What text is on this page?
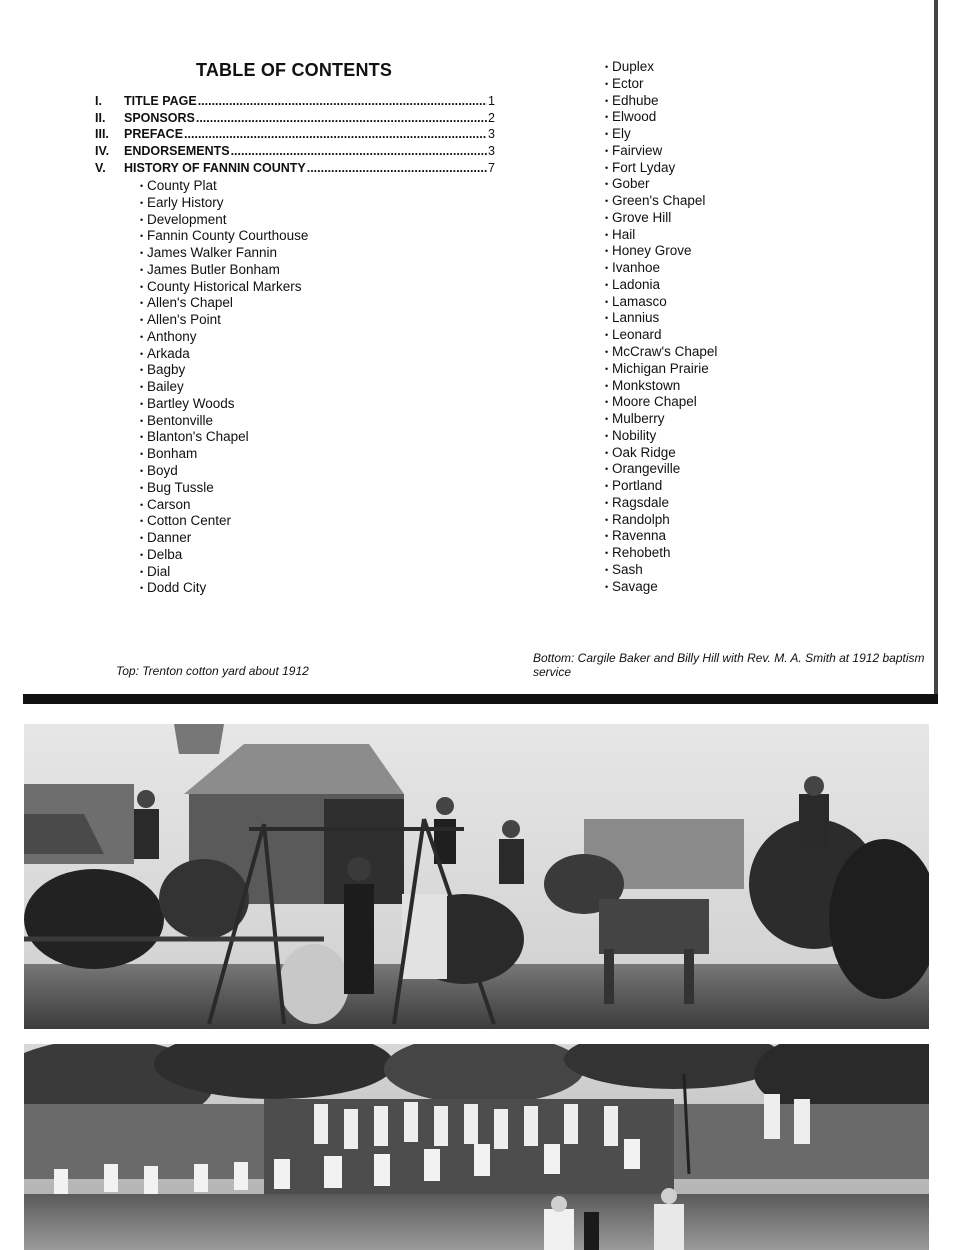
TABLE OF CONTENTS
I.	TITLE PAGE .....	1
II.	SPONSORS .....	2
III.	PREFACE .....	3
IV.	ENDORSEMENTS .....	3
V.	HISTORY OF FANNIN COUNTY .....	7
• County Plat
• Early History
• Development
• Fannin County Courthouse
• James Walker Fannin
• James Butler Bonham
• County Historical Markers
• Allen's Chapel
• Allen's Point
• Anthony
• Arkada
• Bagby
• Bailey
• Bartley Woods
• Bentonville
• Blanton's Chapel
• Bonham
• Boyd
• Bug Tussle
• Carson
• Cotton Center
• Danner
• Delba
• Dial
• Dodd City
• Duplex
• Ector
• Edhube
• Elwood
• Ely
• Fairview
• Fort Lyday
• Gober
• Green's Chapel
• Grove Hill
• Hail
• Honey Grove
• Ivanhoe
• Ladonia
• Lamasco
• Lannius
• Leonard
• McCraw's Chapel
• Michigan Prairie
• Monkstown
• Moore Chapel
• Mulberry
• Nobility
• Oak Ridge
• Orangeville
• Portland
• Ragsdale
• Randolph
• Ravenna
• Rehobeth
• Sash
• Savage
Top: Trenton cotton yard about 1912
Bottom: Cargile Baker and Billy Hill with Rev. M. A. Smith at 1912 baptism service
